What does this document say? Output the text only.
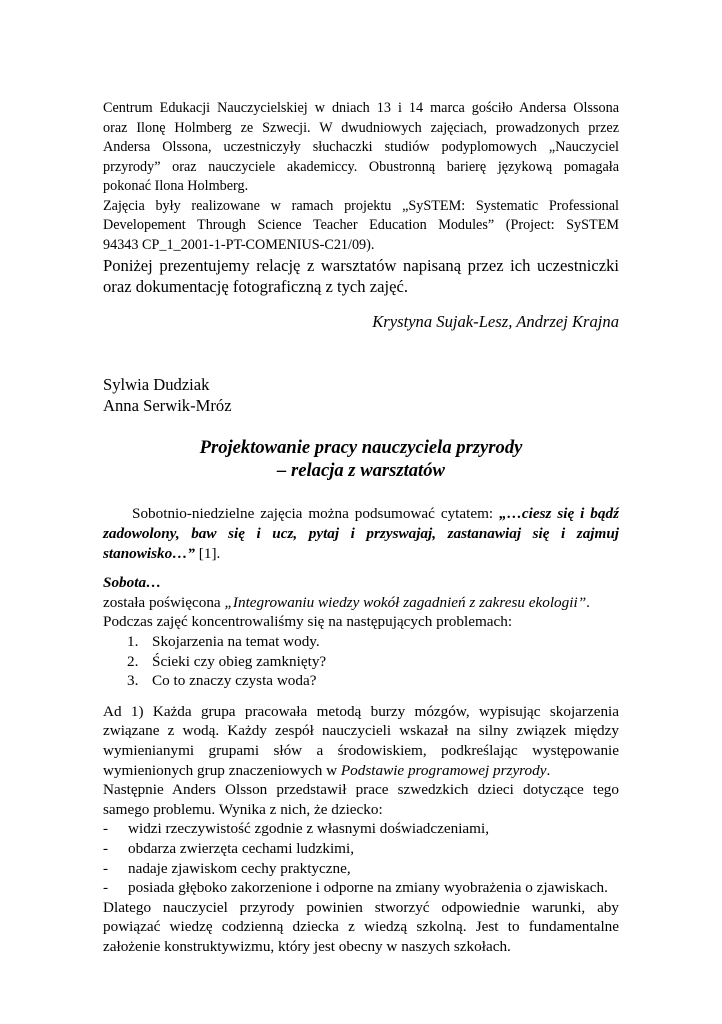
Centrum Edukacji Nauczycielskiej w dniach 13 i 14 marca gościło Andersa Olssona

oraz Ilonę Holmberg ze Szwecji. W dwudniowych zajęciach, prowadzonych przez

Andersa Olssona, uczestniczyły słuchaczki studiów podyplomowych „Nauczyciel

przyrody” oraz nauczyciele akademiccy. Obustronną barierę językową pomagała

pokonać Ilona Holmberg.

Zajęcia były realizowane w ramach projektu „SySTEM: Systematic Professional

Developement Through Science Teacher Education Modules” (Project: SySTEM

94343 CP_1_2001-1-PT-COMENIUS-C21/09).

Poniżej prezentujemy relację z warsztatów napisaną przez ich uczestniczki

oraz dokumentację fotograficzną z tych zajęć.

Krystyna Sujak-Lesz, Andrzej Krajna

Sylwia Dudziak
Anna Serwik-Mróz
Projektowanie pracy nauczyciela przyrody
– relacja z warsztatów

Sobotnio-niedzielne zajęcia można podsumować cytatem: „…ciesz się i bądź zadowolony, baw się i ucz, pytaj i przyswajaj, zastanawiaj się i zajmuj stanowisko…” [1].

Sobota…

została poświęcona „Integrowaniu wiedzy wokół zagadnień z zakresu ekologii”.

Podczas zajęć koncentrowaliśmy się na następujących problemach:

1. Skojarzenia na temat wody.
2. Ścieki czy obieg zamknięty?
3. Co to znaczy czysta woda?

Ad 1) Każda grupa pracowała metodą burzy mózgów, wypisując skojarzenia związane z wodą. Każdy zespół nauczycieli wskazał na silny związek między wymienianymi grupami słów a środowiskiem, podkreślając występowanie wymienionych grup znaczeniowych w Podstawie programowej przyrody.

Następnie Anders Olsson przedstawił prace szwedzkich dzieci dotyczące tego samego problemu. Wynika z nich, że dziecko:

-	widzi rzeczywistość zgodnie z własnymi doświadczeniami,
-	obdarza zwierzęta cechami ludzkimi,
-	nadaje zjawiskom cechy praktyczne,
-	posiada głęboko zakorzenione i odporne na zmiany wyobrażenia o zjawiskach.

Dlatego nauczyciel przyrody powinien stworzyć odpowiednie warunki, aby powiązać wiedzę codzienną dziecka z wiedzą szkolną. Jest to fundamentalne założenie konstruktywizmu, który jest obecny w naszych szkołach.
